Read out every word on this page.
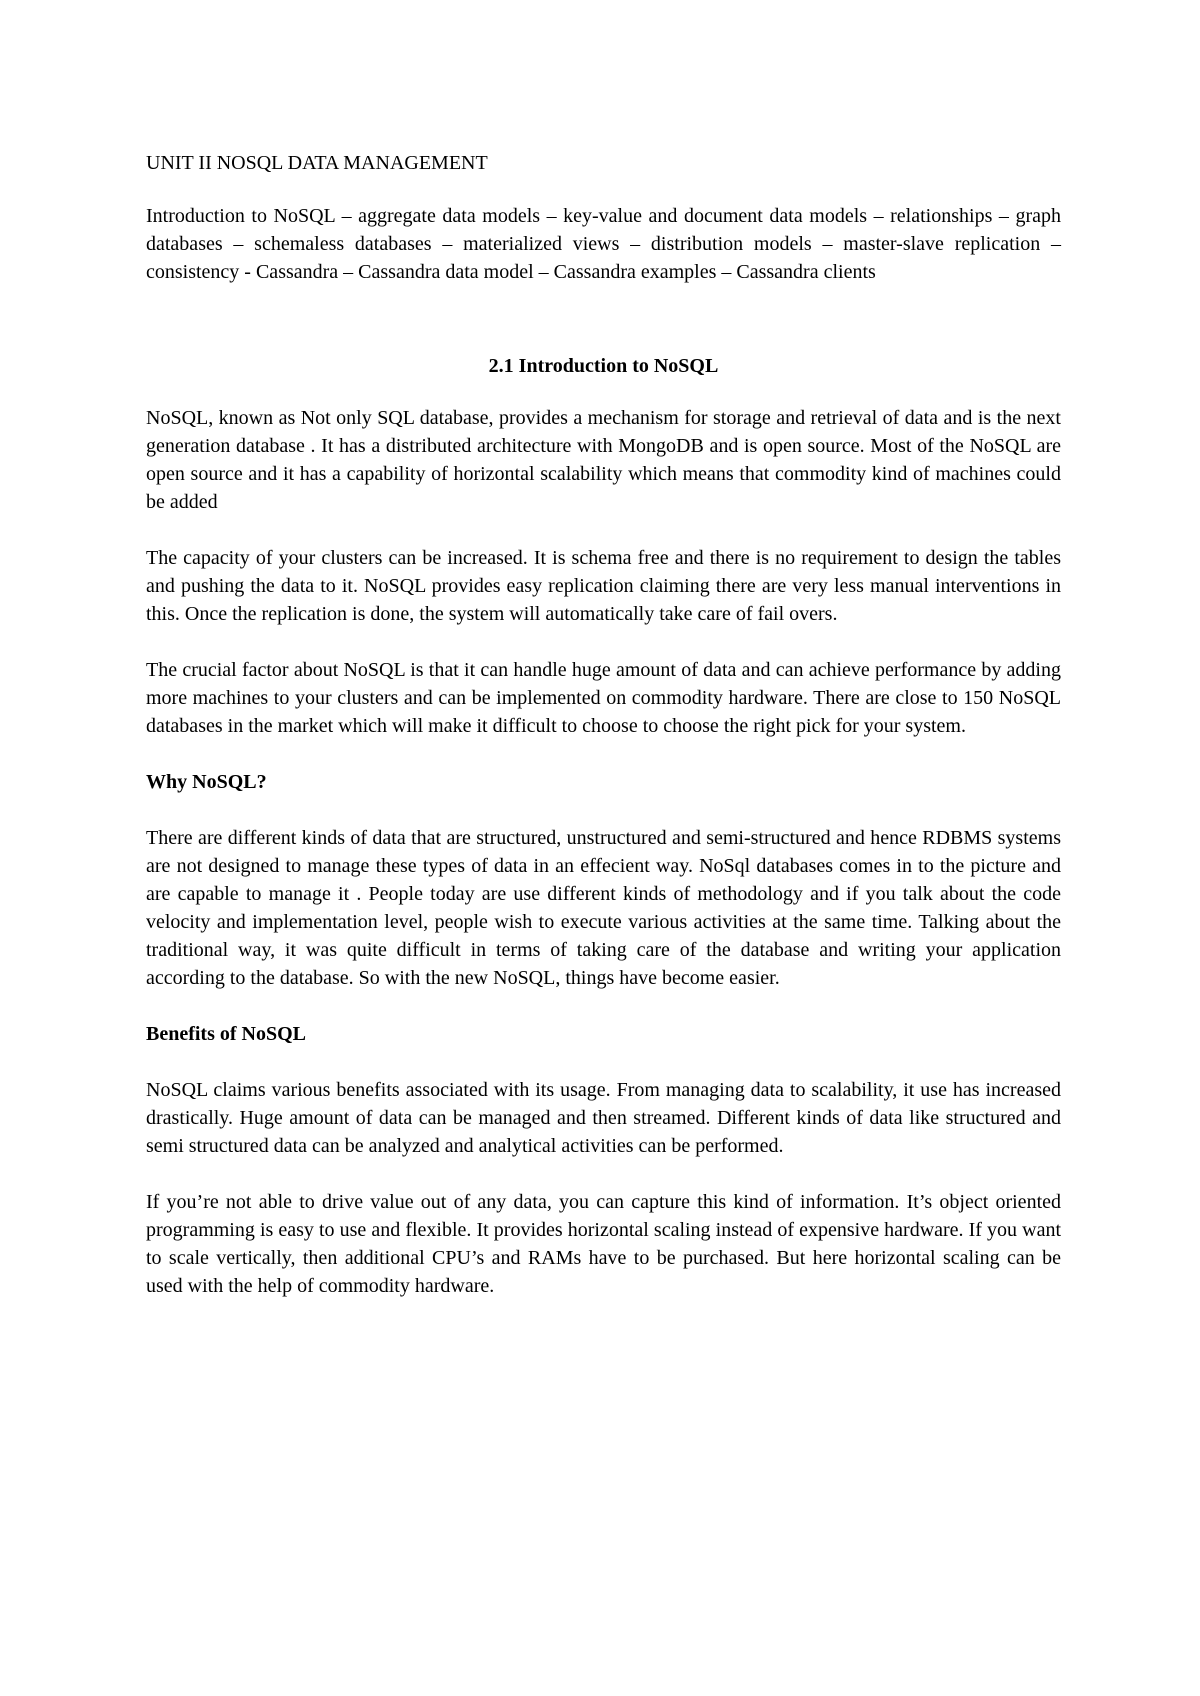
UNIT II NOSQL DATA MANAGEMENT

Introduction to NoSQL – aggregate data models – key-value and document data models – relationships – graph databases – schemaless databases – materialized views – distribution models – master-slave replication – consistency - Cassandra – Cassandra data model – Cassandra examples – Cassandra clients

2.1 Introduction to NoSQL

NoSQL, known as Not only SQL database, provides a mechanism for storage and retrieval of data and is the next generation database . It has a distributed architecture with MongoDB and is open source. Most of the NoSQL are open source and it has a capability of horizontal scalability which means that commodity kind of machines could be added

The capacity of your clusters can be increased. It is schema free and there is no requirement to design the tables and pushing the data to it. NoSQL provides easy replication claiming there are very less manual interventions in this. Once the replication is done, the system will automatically take care of fail overs.

The crucial factor about NoSQL is that it can handle huge amount of data and can achieve performance by adding more machines to your clusters and can be implemented on commodity hardware. There are close to 150 NoSQL databases in the market which will make it difficult to choose to choose the right pick for your system.

Why NoSQL?

There are different kinds of data that are structured, unstructured and semi-structured and hence RDBMS systems are not designed to manage these types of data in an effecient way. NoSql databases comes in to the picture and are capable to manage it . People today are use different kinds of methodology and if you talk about the code velocity and implementation level, people wish to execute various activities at the same time. Talking about the traditional way, it was quite difficult in terms of taking care of the database and writing your application according to the database. So with the new NoSQL, things have become easier.

Benefits of NoSQL

NoSQL claims various benefits associated with its usage. From managing data to scalability, it use has increased drastically. Huge amount of data can be managed and then streamed. Different kinds of data like structured and semi structured data can be analyzed and analytical activities can be performed.

If you’re not able to drive value out of any data, you can capture this kind of information. It’s object oriented programming is easy to use and flexible. It provides horizontal scaling instead of expensive hardware. If you want to scale vertically, then additional CPU’s and RAMs have to be purchased. But here horizontal scaling can be used with the help of commodity hardware.
